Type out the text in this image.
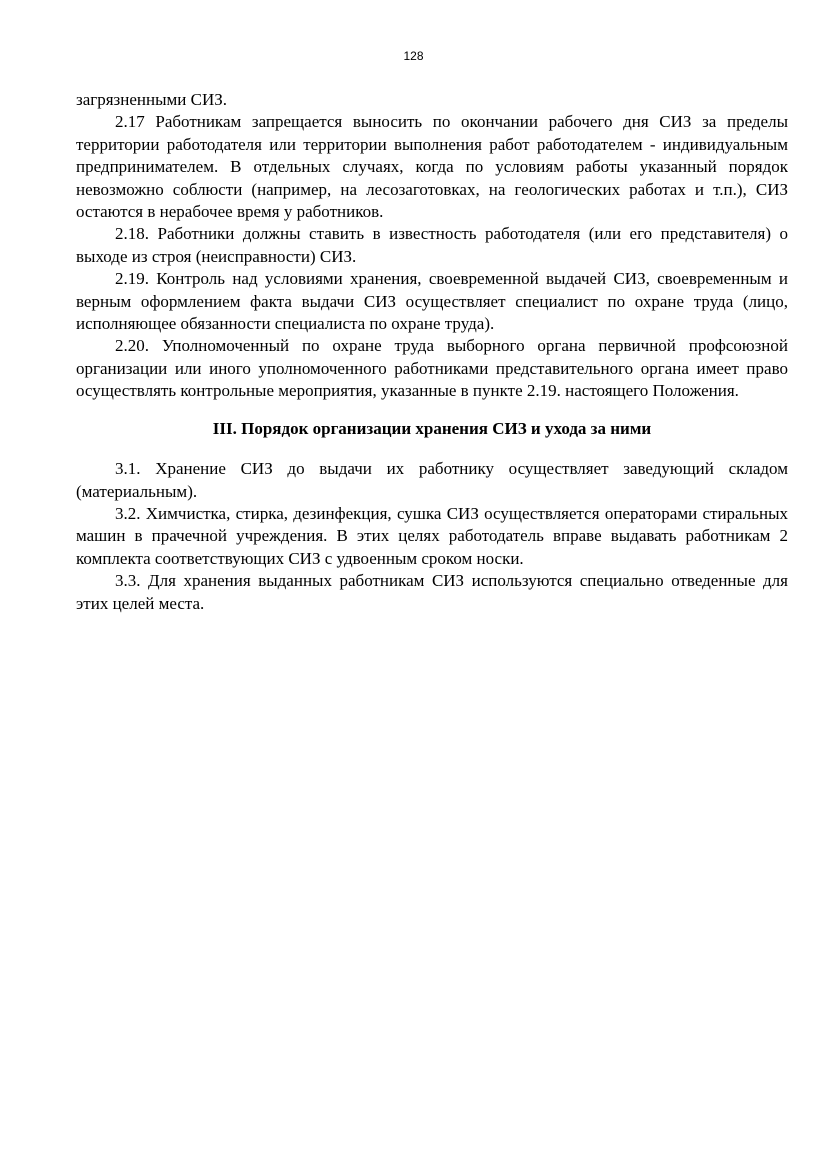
128

загрязненными СИЗ.

2.17 Работникам запрещается выносить по окончании рабочего дня СИЗ за пределы территории работодателя или территории выполнения работ работодателем - индивидуальным предпринимателем. В отдельных случаях, когда по условиям работы указанный порядок невозможно соблюсти (например, на лесозаготовках, на геологических работах и т.п.), СИЗ остаются в нерабочее время у работников.

2.18. Работники должны ставить в известность работодателя (или его представителя) о выходе из строя (неисправности) СИЗ.

2.19. Контроль над условиями хранения, своевременной выдачей СИЗ, своевременным и верным оформлением факта выдачи СИЗ осуществляет специалист по охране труда (лицо, исполняющее обязанности специалиста по охране труда).

2.20. Уполномоченный по охране труда выборного органа первичной профсоюзной организации или иного уполномоченного работниками представительного органа имеет право осуществлять контрольные мероприятия, указанные в пункте 2.19. настоящего Положения.

III. Порядок организации хранения СИЗ и ухода за ними

3.1. Хранение СИЗ до выдачи их работнику осуществляет заведующий складом (материальным).

3.2. Химчистка, стирка, дезинфекция, сушка СИЗ осуществляется операторами стиральных машин в прачечной учреждения. В этих целях работодатель вправе выдавать работникам 2 комплекта соответствующих СИЗ с удвоенным сроком носки.

3.3. Для хранения выданных работникам СИЗ используются специально отведенные для этих целей места.
